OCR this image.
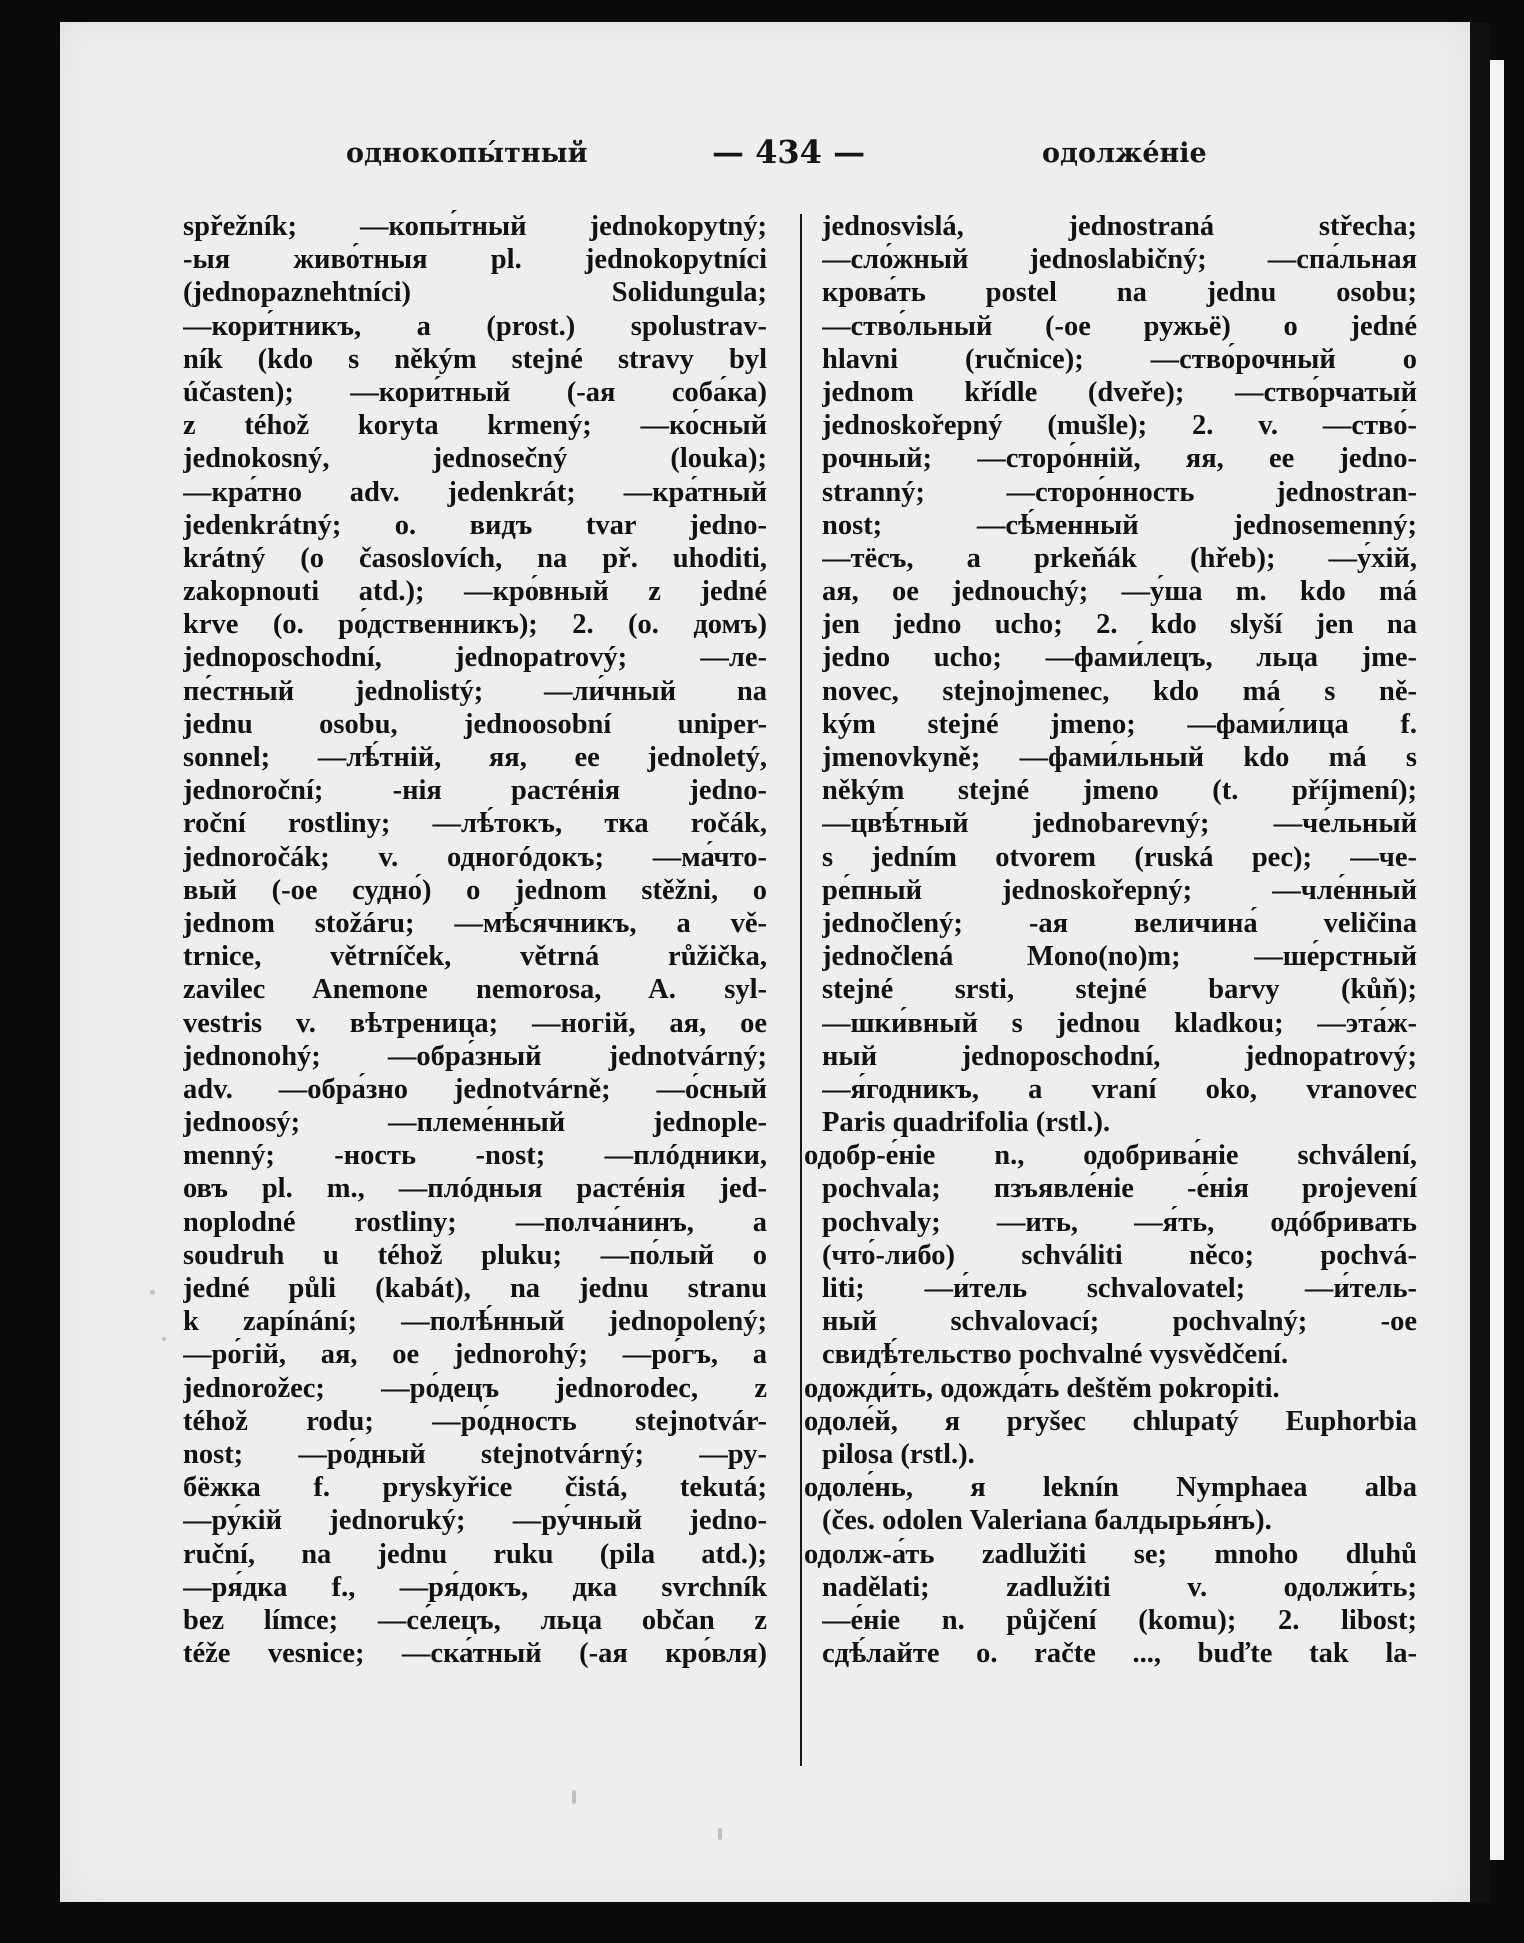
однокопы́тный	— 434 —	одолже́ніе
spřežník; —копы́тный jednokopytný;
-ыя живо́тныя pl. jednokopytníci
(jednopaznehtníci) Solidungula;
—кори́тникъ, a (prost.) spolustrav-
ník (kdo s někým stejné stravy byl
účasten); —кори́тный (-ая соба́ка)
z téhož koryta krmený; —ко́сный
jednokosný, jednosečný (louka);
—кра́тно adv. jedenkrát; —кра́тный
jedenkrátný; o. видъ tvar jedno-
krátný (o časoslovích, na př. uhoditi,
zakopnouti atd.); —кро́вный z jedné
krve (o. ро́дственникъ); 2. (o. домъ)
jednoposchodní, jednopatrový; —ле-
пе́стный jednolistý; —ли́чный na
jednu osobu, jednoosobní uniper-
sonnel; —лѣ́тній, яя, ее jednoletý,
jednoroční; -нія растéнія jedno-
roční rostliny; —лѣ́токъ, тка ročák,
jednoročák; v. одногóдокъ; —ма́что-
вый (-ое судно́) o jednom stěžni, o
jednom stožáru; —мѣ́сячникъ, a vě-
trnice, větrníček, větrná růžička,
zavilec Anemone nemorosa, A. syl-
vestris v. вѣтреница; —ногій, ая, ое
jednonohý; —обра́зный jednotvárný;
adv. —обра́зно jednotvárně; —о́сный
jednoosý; —племе́нный jednople-
menný; -ность -nost; —плóдники,
овъ pl. m., —плóдныя растéнія jed-
noplodné rostliny; —полча́нинъ, a
soudruh u téhož pluku; —по́лый o
jedné půli (kabát), na jednu stranu
k zapínání; —полѣ́нный jednopolený;
—ро́гій, ая, ое jednorohý; —ро́гъ, a
jednorožec; —ро́децъ jednorodec, z
téhož rodu; —ро́дность stejnotvár-
nost; —ро́дный stejnotvárný; —ру-
бёжка f. pryskyřice čistá, tekutá;
—ру́кій jednoruký; —ру́чный jedno-
ruční, na jednu ruku (pila atd.);
—ря́дка f., —ря́докъ, дка svrchník
bez límce; —се́лецъ, льца občan z
téže vesnice; —ска́тный (-ая кро́вля)
jednosvislá, jednostraná střecha;
—сло́жный jednoslabičný; —спа́льная
крова́ть postel na jednu osobu;
—ство́льный (-ое ружьё) o jedné
hlavni (ručnice); —ство́рочный o
jednom křídle (dveře); —ство́рчатый
jednoskořepný (mušle); 2. v. —ство́-
рочный; —сторо́нній, яя, ее jedno-
stranný; —сторо́нность jednostran-
nost; —сѣ́менный jednosemenný;
—тёсъ, a prkeňák (hřeb); —у́хій,
ая, ое jednouchý; —у́ша m. kdo má
jen jedno ucho; 2. kdo slyší jen na
jedno ucho; —фами́лецъ, льца jme-
novec, stejnojmenec, kdo má s ně-
kým stejné jmeno; —фами́лица f.
jmenovkyně; —фами́льный kdo má s
někým stejné jmeno (t. příjmení);
—цвѣ́тный jednobarevný; —че́льный
s jedním otvorem (ruská pec); —че-
ре́пный jednoskořepný; —чле́нный
jednočlený; -ая величина́ veličina
jednočlená Mono(no)m; —ше́рстный
stejné srsti, stejné barvy (kůň);
—шки́вный s jednou kladkou; —эта́ж-
ный jednoposchodní, jednopatrový;
—я́годникъ, a vraní oko, vranovec
Paris quadrifolia (rstl.).
одобр-е́ніе n., одобрива́ніе schválení,
pochvala; пзъявле́ніе -е́нія projevení
pochvaly; —ить, —я́ть, одóбривать
(что́-либо) schváliti něco; pochvá-
liti; —и́тель schvalovatel; —и́тель-
ный schvalovací; pochvalný; -ое
свидѣ́тельство pochvalné vysvědčení.
одожди́ть, одожда́ть deštěm pokropiti.
одоле́й, я pryšec chlupatý Euphorbia
pilosa (rstl.).
одоле́нь, я leknín Nymphaea alba
(čes. odolen Valeriana балдырья́нъ).
одолж-а́ть zadlužiti se; mnoho dluhů
nadělati; zadlužiti v. одолжи́ть;
—е́ніе n. půjčení (komu); 2. libost;
сдѣ́лайте o. račte ..., buďte tak la-
